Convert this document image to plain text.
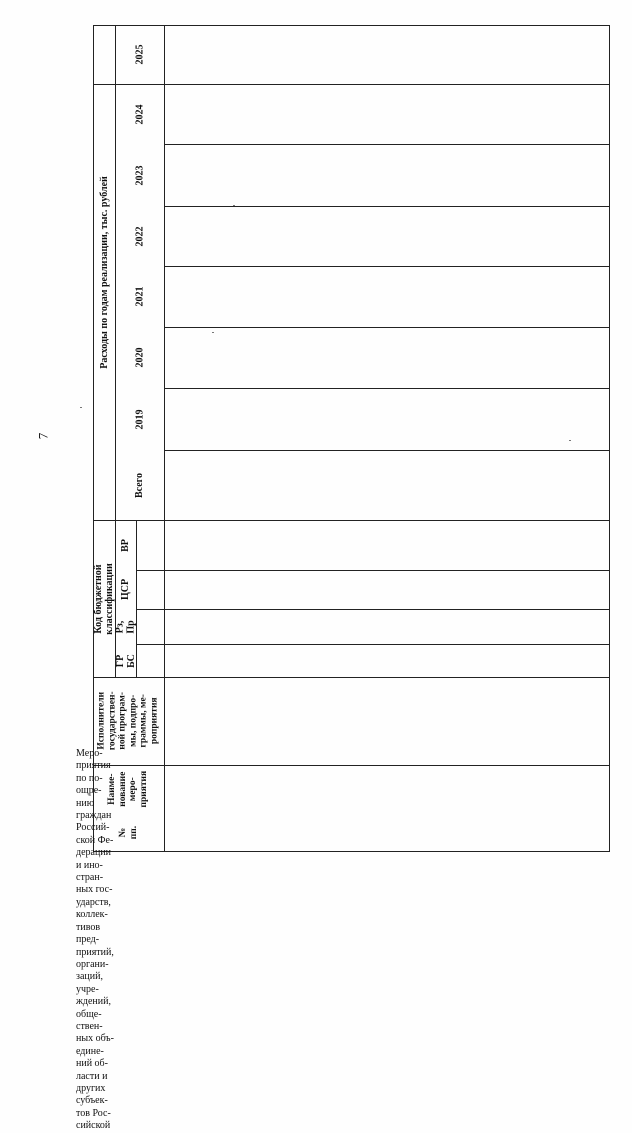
7
Расходы по годам реализации, тыс. рублей
2025
2024
2023
2022
2021
2020
2019
Всего
Код бюджетной
классификации
ВР
ЦСР
Рз,
Пр
ГР
БС
Исполнители
государствен-
ной програм-
мы, подпро-
граммы, ме-
роприятия
Наиме-
нование
меро-
приятия
№
пп.
Меро-
приятия
по по-
ощре-
нию
граждан
Россий-
ской Фе-
дерации
и ино-
стран-
ных гос-
ударств,
коллек-
тивов
пред-
приятий,
органи-
заций,
учре-
ждений,
обще-
ствен-
ных объ-
едине-
ний об-
ласти и
других
субъек-
тов Рос-
сийской
